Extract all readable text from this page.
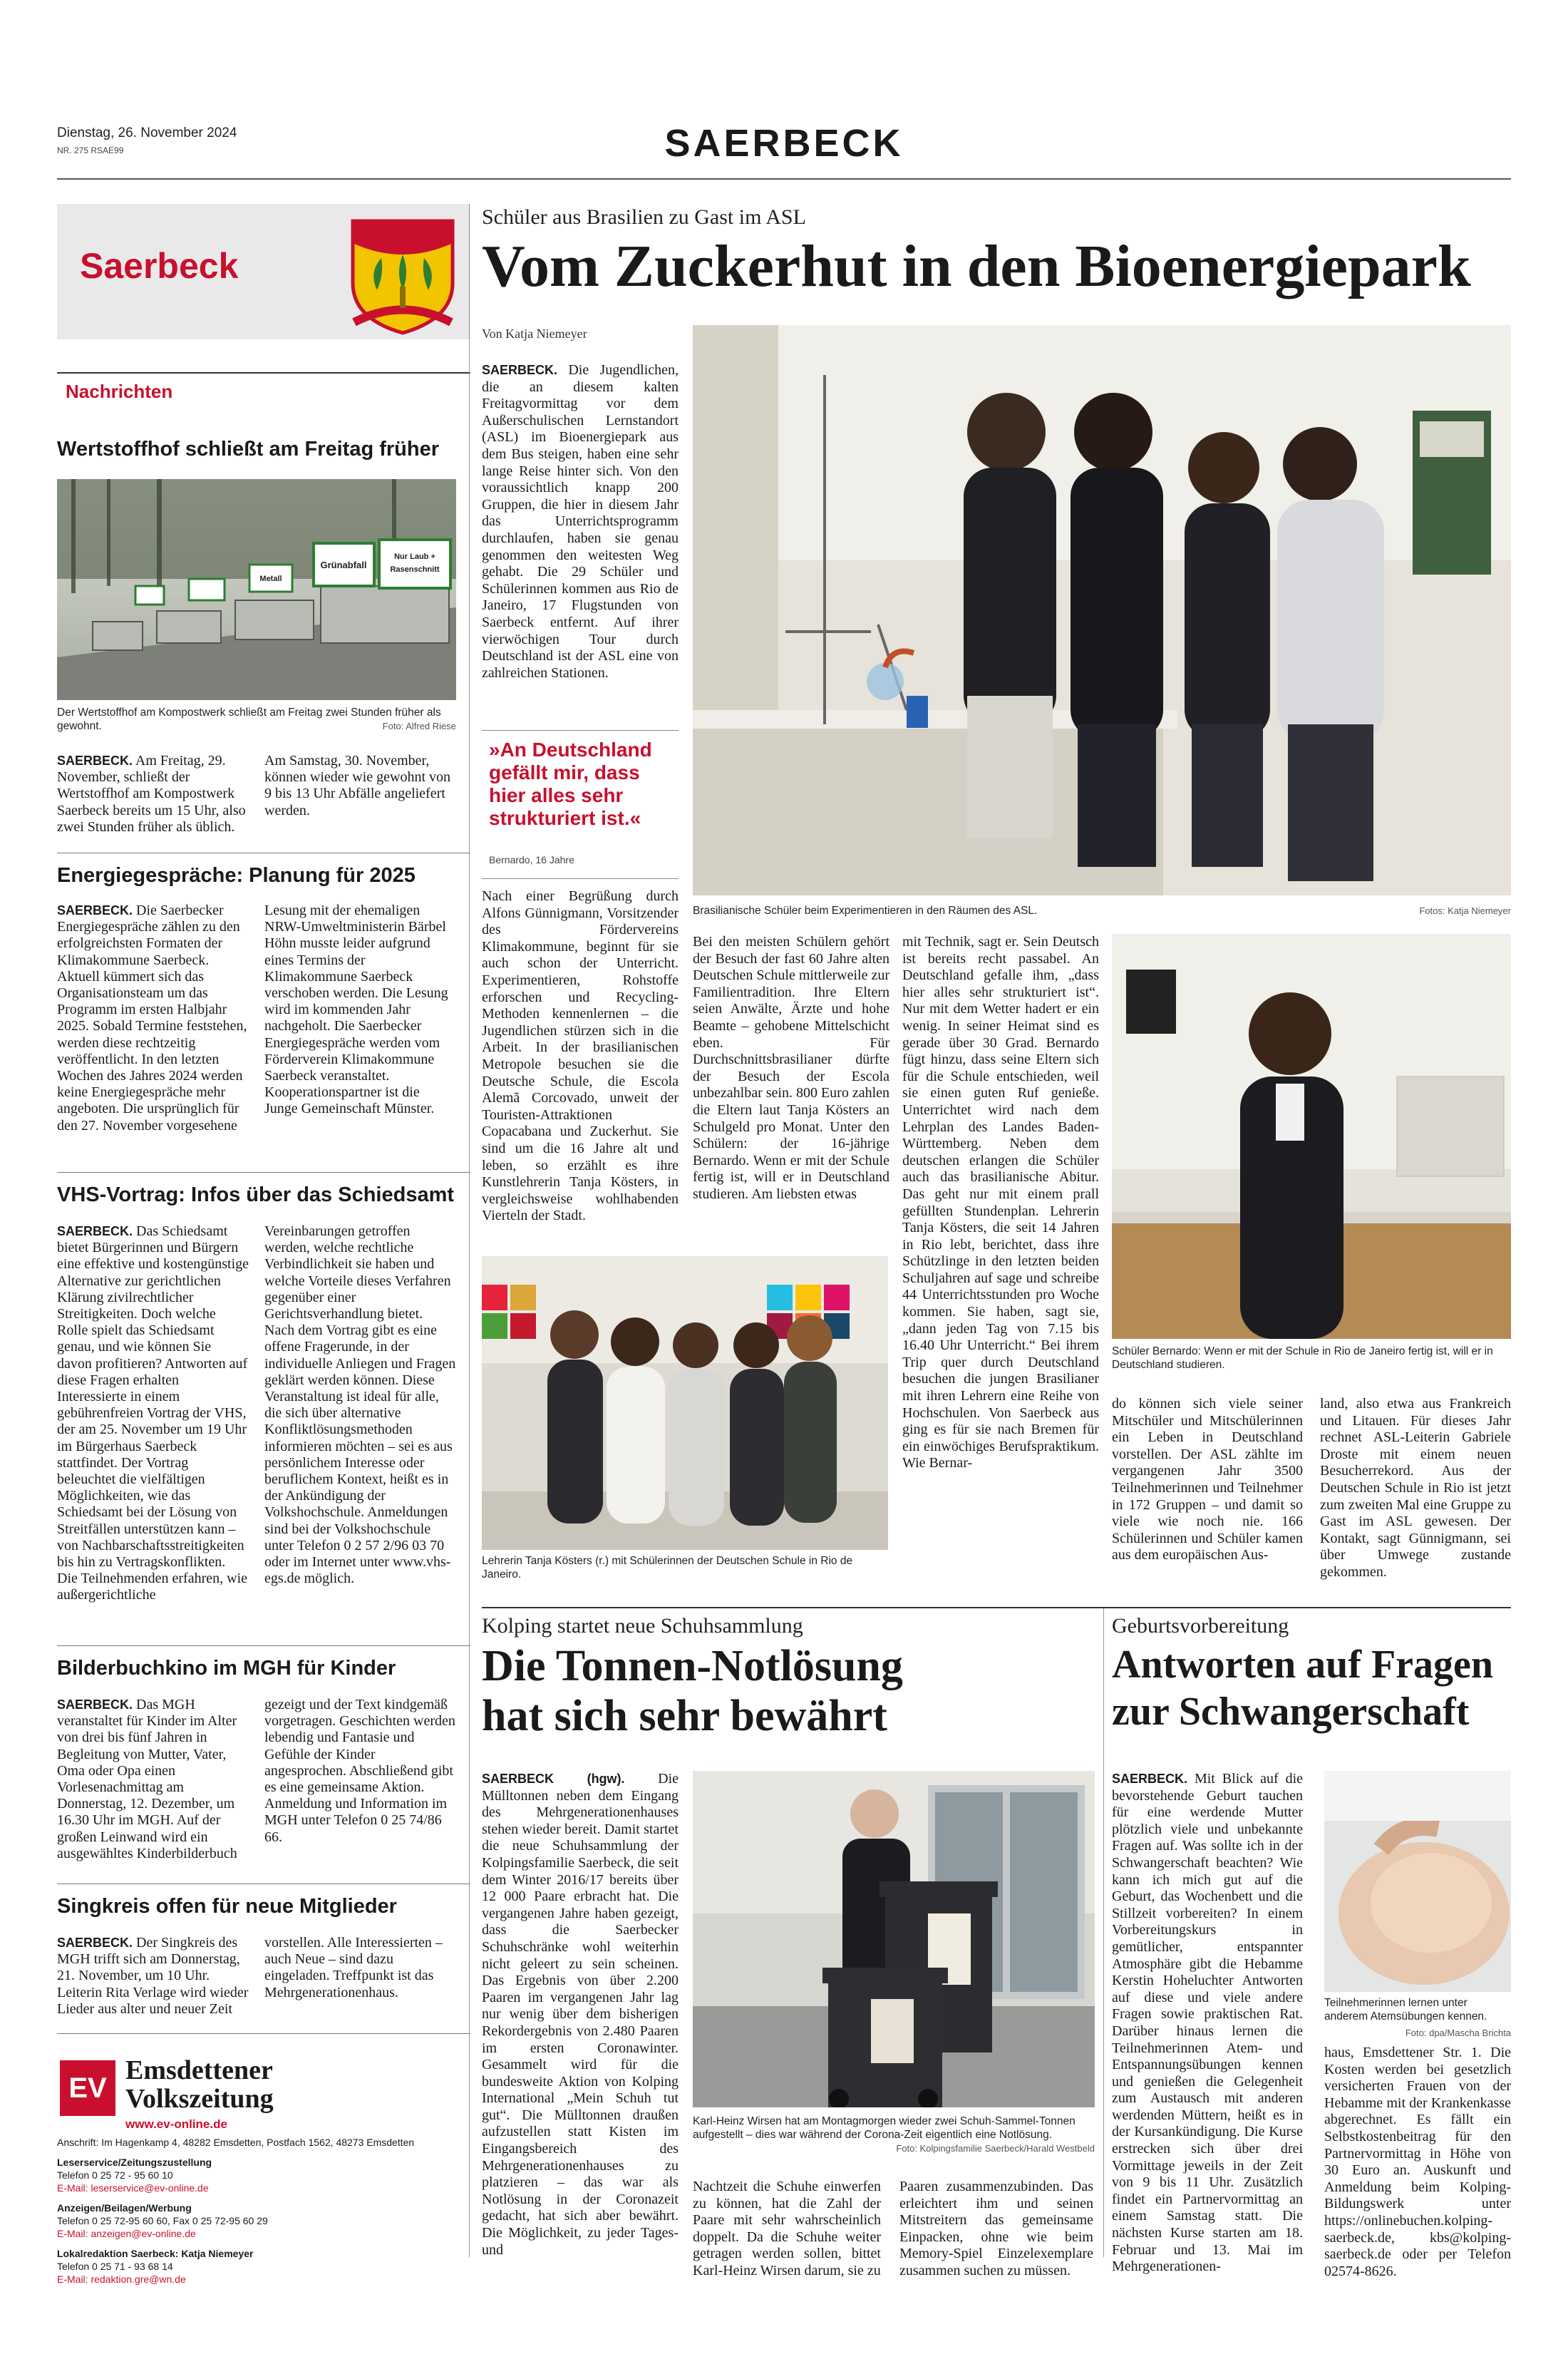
Dienstag, 26. November 2024
NR. 275 RSAE99	SAERBECK
Saerbeck
Nachrichten
Wertstoffhof schließt am Freitag früher
Grünabfall
Nur Laub +
Rasenschnitt
Metall
Der Wertstoffhof am Kompostwerk schließt am Freitag zwei Stunden früher als gewohnt.	Foto: Alfred Riese
SAERBECK. Am Freitag, 29. November, schließt der Wertstoffhof am Kompostwerk Saerbeck bereits um 15 Uhr, also zwei Stunden früher als üblich. Am Samstag, 30. November, können wieder wie gewohnt von 9 bis 13 Uhr Abfälle angeliefert werden.
Energiegespräche: Planung für 2025
SAERBECK. Die Saerbecker Energiegespräche zählen zu den erfolgreichsten Formaten der Klimakommune Saerbeck. Aktuell kümmert sich das Organisationsteam um das Programm im ersten Halbjahr 2025. Sobald Termine feststehen, werden diese rechtzeitig veröffentlicht. In den letzten Wochen des Jahres 2024 werden keine Energiegespräche mehr angeboten. Die ursprünglich für den 27. November vorgesehene Lesung mit der ehemaligen NRW-Umweltministerin Bärbel Höhn musste leider aufgrund eines Termins der Klimakommune Saerbeck verschoben werden. Die Lesung wird im kommenden Jahr nachgeholt. Die Saerbecker Energiegespräche werden vom Förderverein Klimakommune Saerbeck veranstaltet. Kooperationspartner ist die Junge Gemeinschaft Münster.
VHS-Vortrag: Infos über das Schiedsamt
SAERBECK. Das Schiedsamt bietet Bürgerinnen und Bürgern eine effektive und kostengünstige Alternative zur gerichtlichen Klärung zivilrechtlicher Streitigkeiten. Doch welche Rolle spielt das Schiedsamt genau, und wie können Sie davon profitieren? Antworten auf diese Fragen erhalten Interessierte in einem gebührenfreien Vortrag der VHS, der am 25. November um 19 Uhr im Bürgerhaus Saerbeck stattfindet. Der Vortrag beleuchtet die vielfältigen Möglichkeiten, wie das Schiedsamt bei der Lösung von Streitfällen unterstützen kann – von Nachbarschaftsstreitigkeiten bis hin zu Vertragskonflikten. Die Teilnehmenden erfahren, wie außergerichtliche Vereinbarungen getroffen werden, welche rechtliche Verbindlichkeit sie haben und welche Vorteile dieses Verfahren gegenüber einer Gerichtsverhandlung bietet. Nach dem Vortrag gibt es eine offene Fragerunde, in der individuelle Anliegen und Fragen geklärt werden können. Diese Veranstaltung ist ideal für alle, die sich über alternative Konfliktlösungsmethoden informieren möchten – sei es aus persönlichem Interesse oder beruflichem Kontext, heißt es in der Ankündigung der Volkshochschule. Anmeldungen sind bei der Volkshochschule unter Telefon 0 2 57 2/96 03 70 oder im Internet unter www.vhs-egs.de möglich.
Bilderbuchkino im MGH für Kinder
SAERBECK. Das MGH veranstaltet für Kinder im Alter von drei bis fünf Jahren in Begleitung von Mutter, Vater, Oma oder Opa einen Vorlesenachmittag am Donnerstag, 12. Dezember, um 16.30 Uhr im MGH. Auf der großen Leinwand wird ein ausgewähltes Kinderbilderbuch gezeigt und der Text kindgemäß vorgetragen. Geschichten werden lebendig und Fantasie und Gefühle der Kinder angesprochen. Abschließend gibt es eine gemeinsame Aktion. Anmeldung und Information im MGH unter Telefon 0 25 74/86 66.
Singkreis offen für neue Mitglieder
SAERBECK. Der Singkreis des MGH trifft sich am Donnerstag, 21. November, um 10 Uhr. Leiterin Rita Verlage wird wieder Lieder aus alter und neuer Zeit vorstellen. Alle Interessierten – auch Neue – sind dazu eingeladen. Treffpunkt ist das Mehrgenerationenhaus.
EV
Emsdettener
Volkszeitung
www.ev-online.de
Anschrift: Im Hagenkamp 4, 48282 Emsdetten, Postfach 1562, 48273 Emsdetten
Leserservice/Zeitungszustellung
Telefon 0 25 72 - 95 60 10
E-Mail: leserservice@ev-online.de
Anzeigen/Beilagen/Werbung
Telefon 0 25 72-95 60 60, Fax 0 25 72-95 60 29
E-Mail: anzeigen@ev-online.de
Lokalredaktion Saerbeck: Katja Niemeyer
Telefon 0 25 71 - 93 68 14
E-Mail: redaktion.gre@wn.de
Schüler aus Brasilien zu Gast im ASL
Vom Zuckerhut in den Bioenergiepark
Von Katja Niemeyer
SAERBECK. Die Jugendlichen, die an diesem kalten Freitagvormittag vor dem Außerschulischen Lernstandort (ASL) im Bioenergiepark aus dem Bus steigen, haben eine sehr lange Reise hinter sich. Von den voraussichtlich knapp 200 Gruppen, die hier in diesem Jahr das Unterrichtsprogramm durchlaufen, haben sie genau genommen den weitesten Weg gehabt. Die 29 Schüler und Schülerinnen kommen aus Rio de Janeiro, 17 Flugstunden von Saerbeck entfernt. Auf ihrer vierwöchigen Tour durch Deutschland ist der ASL eine von zahlreichen Stationen.
»An Deutschland gefällt mir, dass hier alles sehr strukturiert ist.«
Bernardo, 16 Jahre
Brasilianische Schüler beim Experimentieren in den Räumen des ASL.	Fotos: Katja Niemeyer
Nach einer Begrüßung durch Alfons Günnigmann, Vorsitzender des Fördervereins Klimakommune, beginnt für sie auch schon der Unterricht. Experimentieren, Rohstoffe erforschen und Recycling-Methoden kennenlernen – die Jugendlichen stürzen sich in die Arbeit. In der brasilianischen Metropole besuchen sie die Deutsche Schule, die Escola Alemã Corcovado, unweit der Touristen-Attraktionen Copacabana und Zuckerhut. Sie sind um die 16 Jahre alt und leben, so erzählt es ihre Kunstlehrerin Tanja Kösters, in vergleichsweise wohlhabenden Vierteln der Stadt.
Bei den meisten Schülern gehört der Besuch der fast 60 Jahre alten Deutschen Schule mittlerweile zur Familientradition. Ihre Eltern seien Anwälte, Ärzte und hohe Beamte – gehobene Mittelschicht eben. Für Durchschnittsbrasilianer dürfte der Besuch der Escola unbezahlbar sein. 800 Euro zahlen die Eltern laut Tanja Kösters an Schulgeld pro Monat. Unter den Schülern: der 16-jährige Bernardo. Wenn er mit der Schule fertig ist, will er in Deutschland studieren. Am liebsten etwas
mit Technik, sagt er. Sein Deutsch ist bereits recht passabel. An Deutschland gefalle ihm, „dass hier alles sehr strukturiert ist“. Nur mit dem Wetter hadert er ein wenig. In seiner Heimat sind es gerade über 30 Grad. Bernardo fügt hinzu, dass seine Eltern sich für die Schule entschieden, weil sie einen guten Ruf genieße. Unterrichtet wird nach dem Lehrplan des Landes Baden-Württemberg. Neben dem deutschen erlangen die Schüler auch das brasilianische Abitur. Das geht nur mit einem prall gefüllten Stundenplan. Lehrerin Tanja Kösters, die seit 14 Jahren in Rio lebt, berichtet, dass ihre Schützlinge in den letzten beiden Schuljahren auf sage und schreibe 44 Unterrichtsstunden pro Woche kommen. Sie haben, sagt sie, „dann jeden Tag von 7.15 bis 16.40 Uhr Unterricht.“ Bei ihrem Trip quer durch Deutschland besuchen die jungen Brasilianer mit ihren Lehrern eine Reihe von Hochschulen. Von Saerbeck aus ging es für sie nach Bremen für ein einwöchiges Berufspraktikum. Wie Bernar-
Lehrerin Tanja Kösters (r.) mit Schülerinnen der Deutschen Schule in Rio de Janeiro.
Schüler Bernardo: Wenn er mit der Schule in Rio de Janeiro fertig ist, will er in Deutschland studieren.
do können sich viele seiner Mitschüler und Mitschülerinnen ein Leben in Deutschland vorstellen. Der ASL zählte im vergangenen Jahr 3500 Teilnehmerinnen und Teilnehmer in 172 Gruppen – und damit so viele wie noch nie. 166 Schülerinnen und Schüler kamen aus dem europäischen Aus-
land, also etwa aus Frankreich und Litauen. Für dieses Jahr rechnet ASL-Leiterin Gabriele Droste mit einem neuen Besucherrekord. Aus der Deutschen Schule in Rio ist jetzt zum zweiten Mal eine Gruppe zu Gast im ASL gewesen. Der Kontakt, sagt Günnigmann, sei über Umwege zustande gekommen.
Kolping startet neue Schuhsammlung
Die Tonnen-Notlösung
hat sich sehr bewährt
SAERBECK (hgw). Die Mülltonnen neben dem Eingang des Mehrgenerationenhauses stehen wieder bereit. Damit startet die neue Schuhsammlung der Kolpingsfamilie Saerbeck, die seit dem Winter 2016/17 bereits über 12 000 Paare erbracht hat. Die vergangenen Jahre haben gezeigt, dass die Saerbecker Schuhschränke wohl weiterhin nicht geleert zu sein scheinen. Das Ergebnis von über 2.200 Paaren im vergangenen Jahr lag nur wenig über dem bisherigen Rekordergebnis von 2.480 Paaren im ersten Coronawinter. Gesammelt wird für die bundesweite Aktion von Kolping International „Mein Schuh tut gut“. Die Mülltonnen draußen aufzustellen statt Kisten im Eingangsbereich des Mehrgenerationenhauses zu platzieren – das war als Notlösung in der Coronazeit gedacht, hat sich aber bewährt. Die Möglichkeit, zu jeder Tages- und
Karl-Heinz Wirsen hat am Montagmorgen wieder zwei Schuh-Sammel-Tonnen aufgestellt – dies war während der Corona-Zeit eigentlich eine Notlösung.
Foto: Kolpingsfamilie Saerbeck/Harald Westbeld
Nachtzeit die Schuhe einwerfen zu können, hat die Zahl der Paare mit sehr wahrscheinlich doppelt. Da die Schuhe weiter getragen werden sollen, bittet Karl-Heinz Wirsen darum, sie zu
Paaren zusammenzubinden. Das erleichtert ihm und seinen Mitstreitern das gemeinsame Einpacken, ohne wie beim Memory-Spiel Einzelexemplare zusammen suchen zu müssen.
Geburtsvorbereitung
Antworten auf Fragen
zur Schwangerschaft
SAERBECK. Mit Blick auf die bevorstehende Geburt tauchen für eine werdende Mutter plötzlich viele und unbekannte Fragen auf. Was sollte ich in der Schwangerschaft beachten? Wie kann ich mich gut auf die Geburt, das Wochenbett und die Stillzeit vorbereiten? In einem Vorbereitungskurs in gemütlicher, entspannter Atmosphäre gibt die Hebamme Kerstin Hoheluchter Antworten auf diese und viele andere Fragen sowie praktischen Rat. Darüber hinaus lernen die Teilnehmerinnen Atem- und Entspannungsübungen kennen und genießen die Gelegenheit zum Austausch mit anderen werdenden Müttern, heißt es in der Kursankündigung. Die Kurse erstrecken sich über drei Vormittage jeweils in der Zeit von 9 bis 11 Uhr. Zusätzlich findet ein Partnervormittag an einem Samstag statt. Die nächsten Kurse starten am 18. Februar und 13. Mai im Mehrgenerationen-
Teilnehmerinnen lernen unter anderem Atemsübungen kennen.
Foto: dpa/Mascha Brichta
haus, Emsdettener Str. 1. Die Kosten werden bei gesetzlich versicherten Frauen von der Hebamme mit der Krankenkasse abgerechnet. Es fällt ein Selbstkostenbeitrag für den Partnervormittag in Höhe von 30 Euro an. Auskunft und Anmeldung beim Kolping-Bildungswerk unter https://onlinebuchen.kolping-saerbeck.de, kbs@kolping-saerbeck.de oder per Telefon 02574-8626.
